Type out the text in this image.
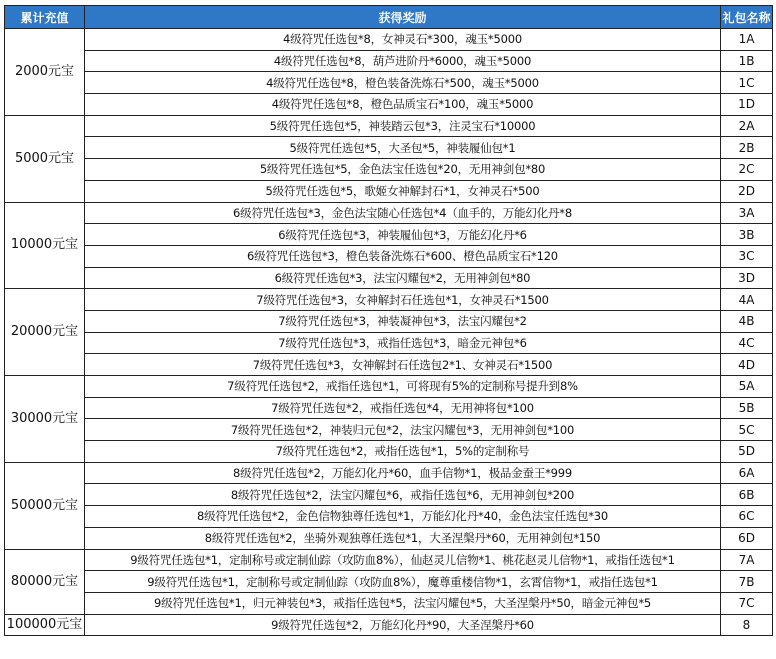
累计充值	获得奖励	礼包名称
2000元宝	4级符咒任选包*8，女神灵石*300，魂玉*5000	1A
	4级符咒任选包*8，葫芦进阶丹*6000，魂玉*5000	1B
	4级符咒任选包*8，橙色装备洗炼石*500，魂玉*5000	1C
	4级符咒任选包*8，橙色品质宝石*100，魂玉*5000	1D
5000元宝	5级符咒任选包*5，神装踏云包*3，注灵宝石*10000	2A
	5级符咒任选包*5，大圣包*5，神装履仙包*1	2B
	5级符咒任选包*5，金色法宝任选包*20，无用神剑包*80	2C
	5级符咒任选包*5，歌姬女神解封石*1，女神灵石*500	2D
10000元宝	6级符咒任选包*3，金色法宝随心任选包*4（血手的，万能幻化丹*8	3A
	6级符咒任选包*3，神装履仙包*3，万能幻化丹*6	3B
	6级符咒任选包*3，橙色装备洗炼石*600、橙色品质宝石*120	3C
	6级符咒任选包*3，法宝闪耀包*2，无用神剑包*80	3D
20000元宝	7级符咒任选包*3，女神解封石任选包*1，女神灵石*1500	4A
	7级符咒任选包*3，神装凝神包*3，法宝闪耀包*2	4B
	7级符咒任选包*3，戒指任选包*3，暗金元神包*6	4C
	7级符咒任选包*3，女神解封石任选包2*1、女神灵石*1500	4D
30000元宝	7级符咒任选包*2，戒指任选包*1，可将现有5%的定制称号提升到8%	5A
	7级符咒任选包*2，戒指任选包*4，无用神将包*100	5B
	7级符咒任选包*2，神装归元包*2，法宝闪耀包*3，无用神剑包*100	5C
	7级符咒任选包*2，戒指任选包*1，5%的定制称号	5D
50000元宝	8级符咒任选包*2，万能幻化丹*60，血手信物*1，极品金蚕王*999	6A
	8级符咒任选包*2，法宝闪耀包*6，戒指任选包*6，无用神剑包*200	6B
	8级符咒任选包*2，金色信物独尊任选包*1，万能幻化丹*40，金色法宝任选包*30	6C
	8级符咒任选包*2，坐骑外观独尊任选包*1，大圣涅槃丹*60，无用神剑包*150	6D
80000元宝	9级符咒任选包*1，定制称号或定制仙踪（攻防血8%），仙赵灵儿信物*1、桃花赵灵儿信物*1，戒指任选包*1	7A
	9级符咒任选包*1，定制称号或定制仙踪（攻防血8%），魔尊重楼信物*1，玄霄信物*1，戒指任选包*1	7B
	9级符咒任选包*1，归元神装包*3，戒指任选包*5，法宝闪耀包*5，大圣涅槃丹*50，暗金元神包*5	7C
100000元宝	9级符咒任选包*2，万能幻化丹*90，大圣涅槃丹*60	8
